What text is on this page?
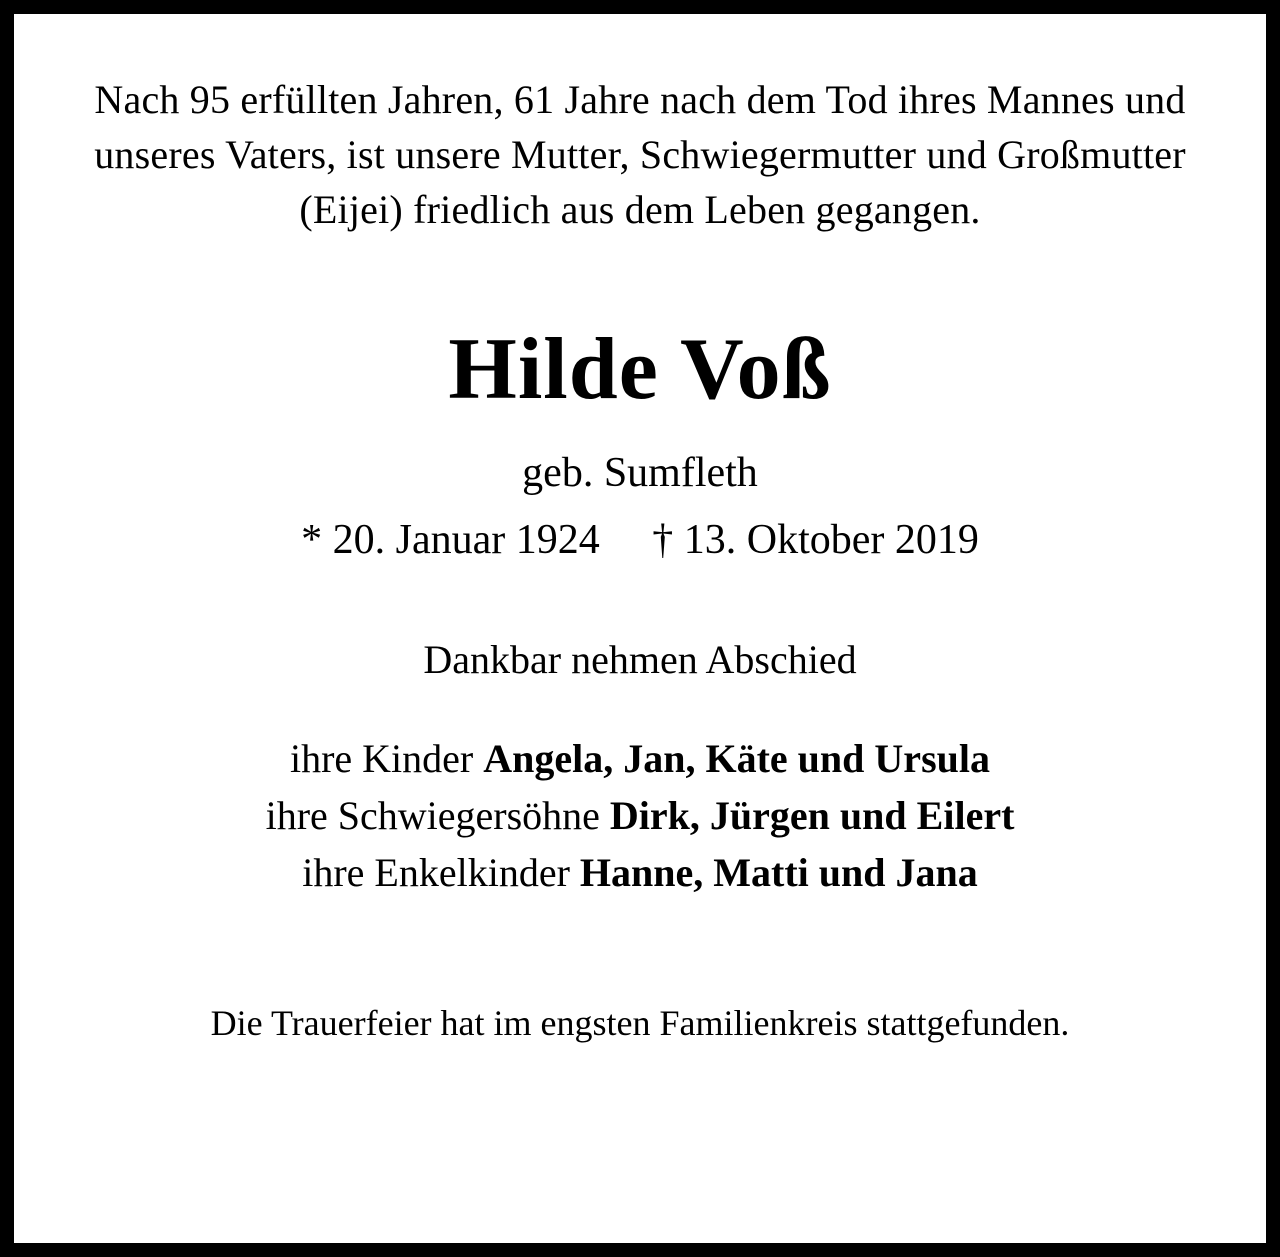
Nach 95 erfüllten Jahren, 61 Jahre nach dem Tod ihres Mannes und unseres Vaters, ist unsere Mutter, Schwiegermutter und Großmutter (Eijei) friedlich aus dem Leben gegangen.

Hilde Voß
geb. Sumfleth
* 20. Januar 1924     † 13. Oktober 2019
Dankbar nehmen Abschied
ihre Kinder Angela, Jan, Käte und Ursula
ihre Schwiegersöhne Dirk, Jürgen und Eilert
ihre Enkelkinder Hanne, Matti und Jana
Die Trauerfeier hat im engsten Familienkreis stattgefunden.
